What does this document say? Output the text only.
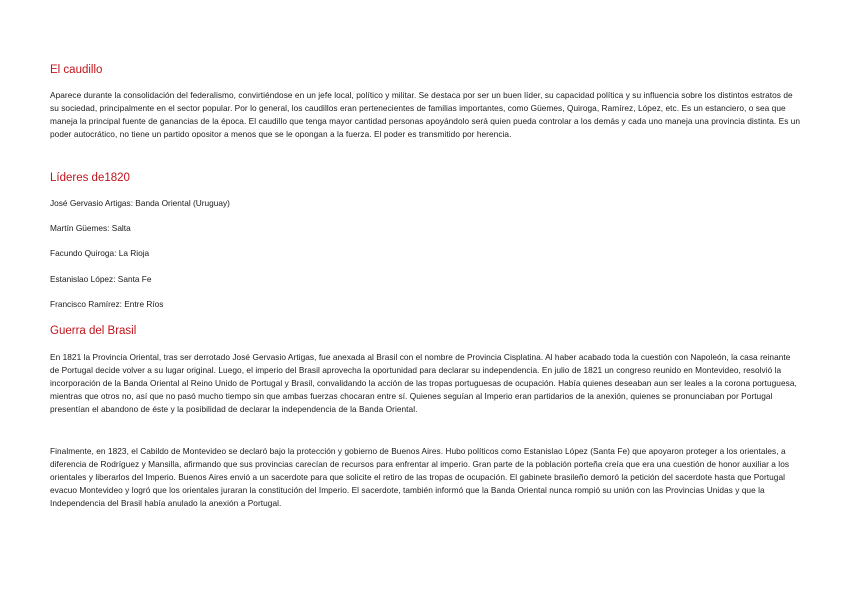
El caudillo

Aparece durante la consolidación del federalismo, convirtiéndose en un jefe local, político y militar. Se destaca por ser un buen líder, su capacidad política y su influencia sobre los distintos estratos de su sociedad, principalmente en el sector popular. Por lo general, los caudillos eran pertenecientes de familias importantes, como Güemes, Quiroga, Ramírez, López, etc. Es un estanciero, o sea que maneja la principal fuente de ganancias de la época. El caudillo que tenga mayor cantidad personas apoyándolo será quien pueda controlar a los demás y cada uno maneja una provincia distinta. Es un poder autocrático, no tiene un partido opositor a menos que se le opongan a la fuerza. El poder es transmitido por herencia.

Líderes de1820

José Gervasio Artigas: Banda Oriental (Uruguay)

Martín Güemes: Salta

Facundo Quiroga: La Rioja

Estanislao López: Santa Fe

Francisco Ramírez: Entre Ríos

Guerra del Brasil

En 1821 la Provincia Oriental, tras ser derrotado José Gervasio Artigas, fue anexada al Brasil con el nombre de Provincia Cisplatina. Al haber acabado toda la cuestión con Napoleón, la casa reinante de Portugal decide volver a su lugar original. Luego, el imperio del Brasil aprovecha la oportunidad para declarar su independencia. En julio de 1821 un congreso reunido en Montevideo, resolvió la incorporación de la Banda Oriental al Reino Unido de Portugal y Brasil, convalidando la acción de las tropas portuguesas de ocupación. Había quienes deseaban aun ser leales a la corona portuguesa, mientras que otros no, así que no pasó mucho tiempo sin que ambas fuerzas chocaran entre sí. Quienes seguían al Imperio eran partidarios de la anexión, quienes se pronunciaban por Portugal presentían el abandono de éste y la posibilidad de declarar la independencia de la Banda Oriental.

Finalmente, en 1823, el Cabildo de Montevideo se declaró bajo la protección y gobierno de Buenos Aires. Hubo políticos como Estanislao López (Santa Fe) que apoyaron proteger a los orientales, a diferencia de Rodríguez y Mansilla, afirmando que sus provincias carecían de recursos para enfrentar al imperio. Gran parte de la población porteña creía que era una cuestión de honor auxiliar a los orientales y liberarlos del Imperio. Buenos Aires envió a un sacerdote para que solicite el retiro de las tropas de ocupación. El gabinete brasileño demoró la petición del sacerdote hasta que Portugal evacuo Montevideo y logró que los orientales juraran la constitución del Imperio. El sacerdote, también informó que la Banda Oriental nunca rompió su unión con las Provincias Unidas y que la Independencia del Brasil había anulado la anexión a Portugal.
